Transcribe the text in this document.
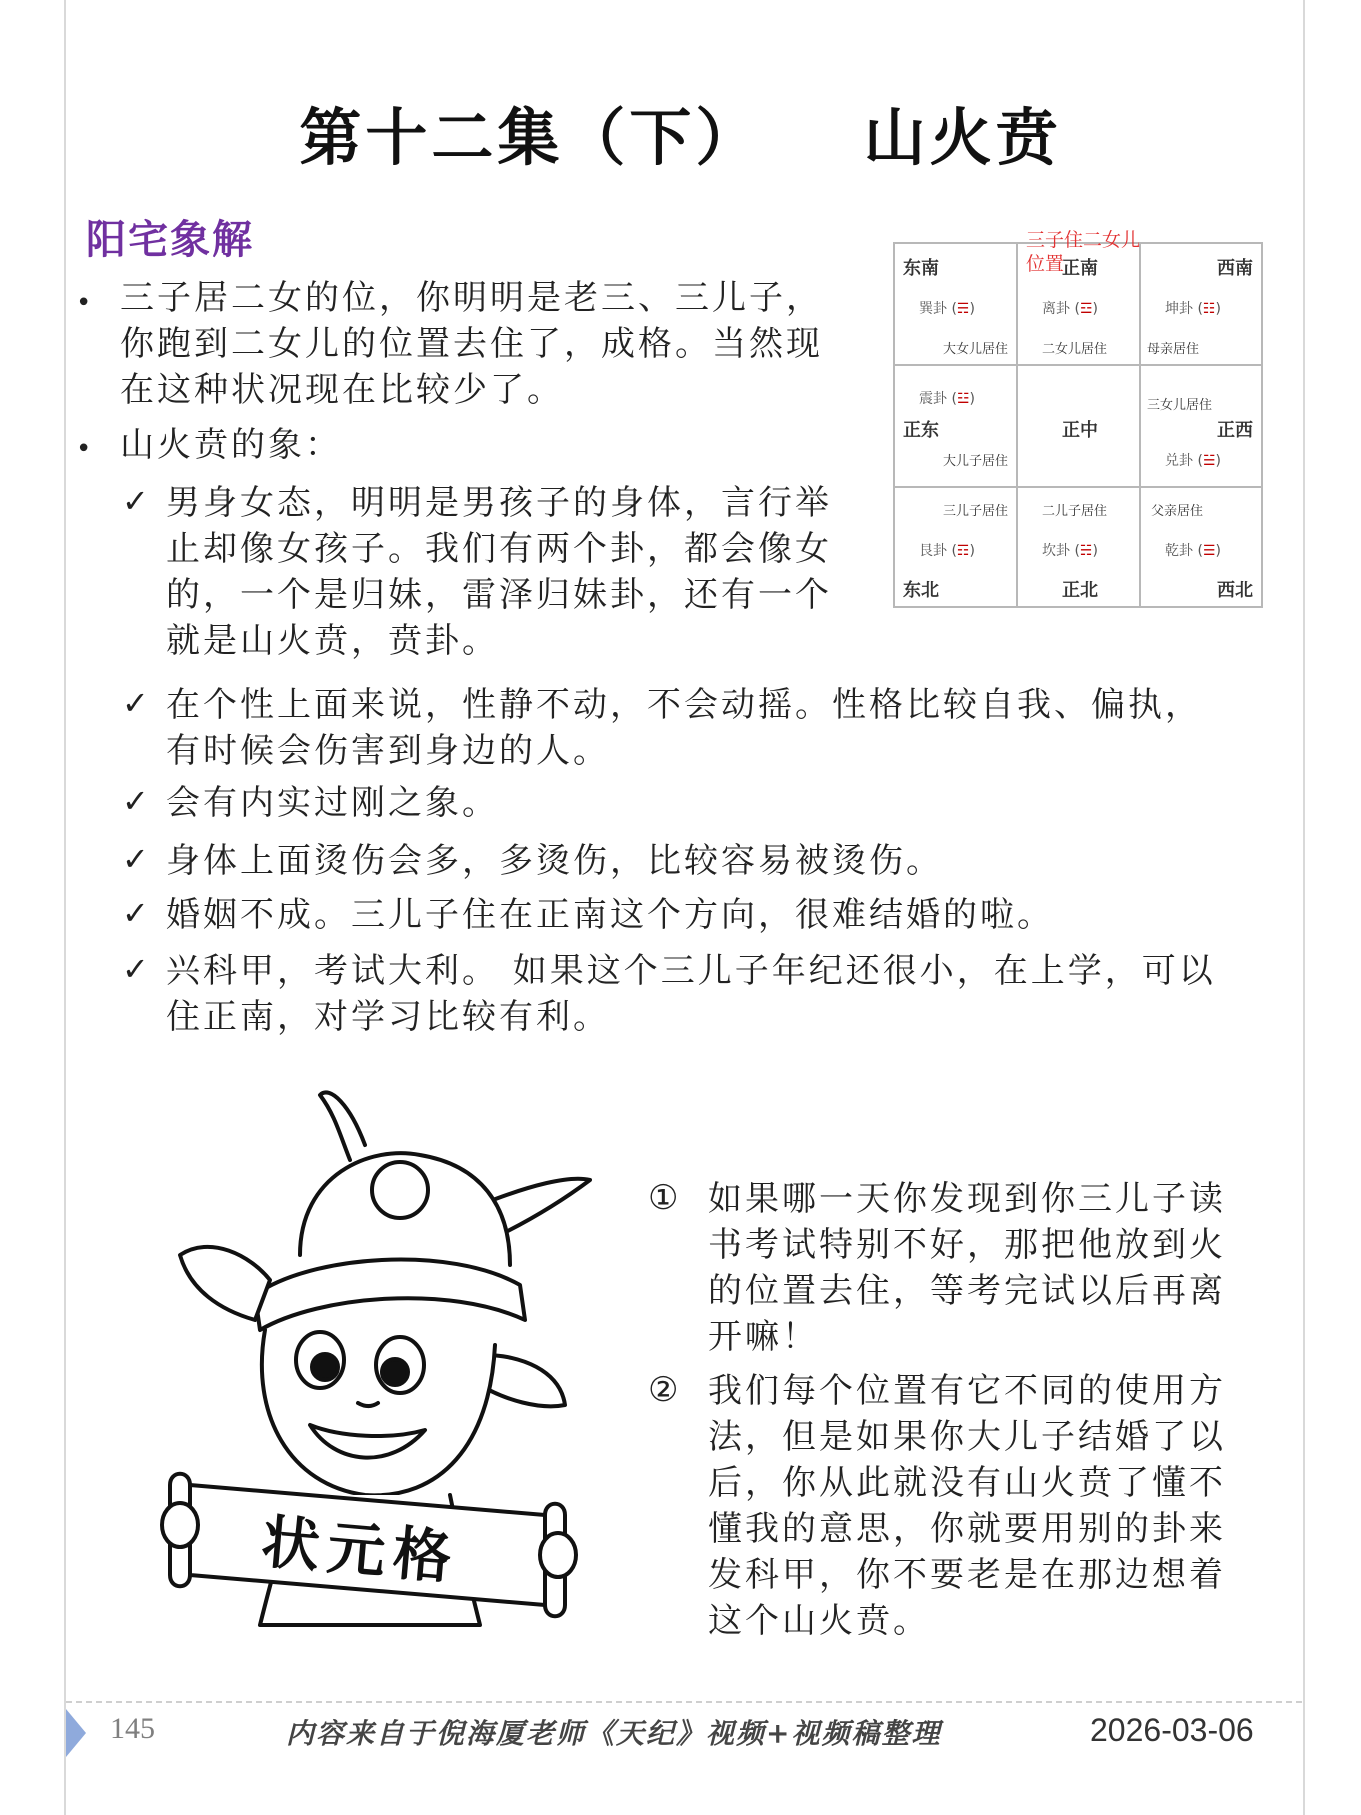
第十二集（下）    山火贲
阳宅象解
• 三子居二女的位，你明明是老三、三儿子，
你跑到二女儿的位置去住了，成格。当然现
在这种状况现在比较少了。
• 山火贲的象：
✓ 男身女态，明明是男孩子的身体，言行举
止却像女孩子。我们有两个卦，都会像女
的，一个是归妹，雷泽归妹卦，还有一个
就是山火贲，贲卦。
✓ 在个性上面来说，性静不动，不会动摇。性格比较自我、偏执，
有时候会伤害到身边的人。
✓ 会有内实过刚之象。
✓ 身体上面烫伤会多，多烫伤，比较容易被烫伤。
✓ 婚姻不成。三儿子住在正南这个方向，很难结婚的啦。
✓ 兴科甲，考试大利。 如果这个三儿子年纪还很小，在上学，可以
住正南，对学习比较有利。
东南
巽卦 (☴)
大女儿居住
正南
离卦 (☲)
二女儿居住
西南
坤卦 (☷)
母亲居住
震卦 (☳)
正东
大儿子居住
正中
三女儿居住
正西
兑卦 (☱)
三儿子居住
艮卦 (☶)
东北
二儿子居住
坎卦 (☵)
正北
父亲居住
乾卦 (☰)
西北
三子住二女儿位置
状元格
① 如果哪一天你发现到你三儿子读
书考试特别不好，那把他放到火
的位置去住，等考完试以后再离
开嘛！
② 我们每个位置有它不同的使用方
法，但是如果你大儿子结婚了以
后，你从此就没有山火贲了懂不
懂我的意思，你就要用别的卦来
发科甲，你不要老是在那边想着
这个山火贲。
145	内容来自于倪海厦老师《天纪》视频+视频稿整理	2026-03-06
